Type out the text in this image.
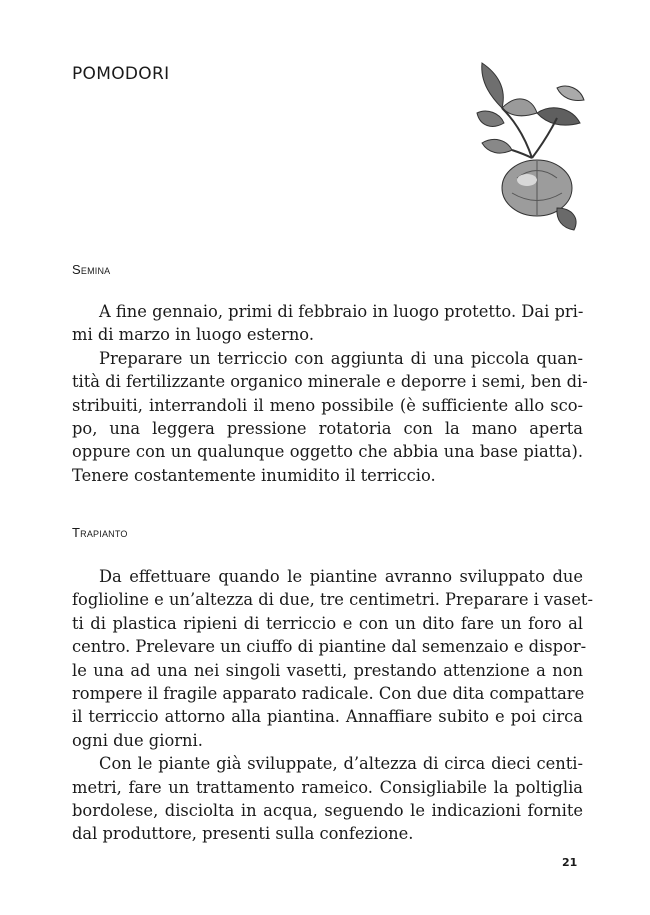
POMODORI
Semina
A fine gennaio, primi di febbraio in luogo protetto. Dai pri-
mi di marzo in luogo esterno.
Preparare un terriccio con aggiunta di una piccola quan-
tità di fertilizzante organico minerale e deporre i semi, ben di-
stribuiti, interrandoli il meno possibile (è sufficiente allo sco-
po, una leggera pressione rotatoria con la mano aperta
oppure con un qualunque oggetto che abbia una base piatta).
Tenere costantemente inumidito il terriccio.
Trapianto
Da effettuare quando le piantine avranno sviluppato due
foglioline e un’altezza di due, tre centimetri. Preparare i vaset-
ti di plastica ripieni di terriccio e con un dito fare un foro al
centro. Prelevare un ciuffo di piantine dal semenzaio e dispor-
le una ad una nei singoli vasetti, prestando attenzione a non
rompere il fragile apparato radicale. Con due dita compattare
il terriccio attorno alla piantina. Annaffiare subito e poi circa
ogni due giorni.
Con le piante già sviluppate, d’altezza di circa dieci centi-
metri, fare un trattamento rameico. Consigliabile la poltiglia
bordolese, disciolta in acqua, seguendo le indicazioni fornite
dal produttore, presenti sulla confezione.
21
